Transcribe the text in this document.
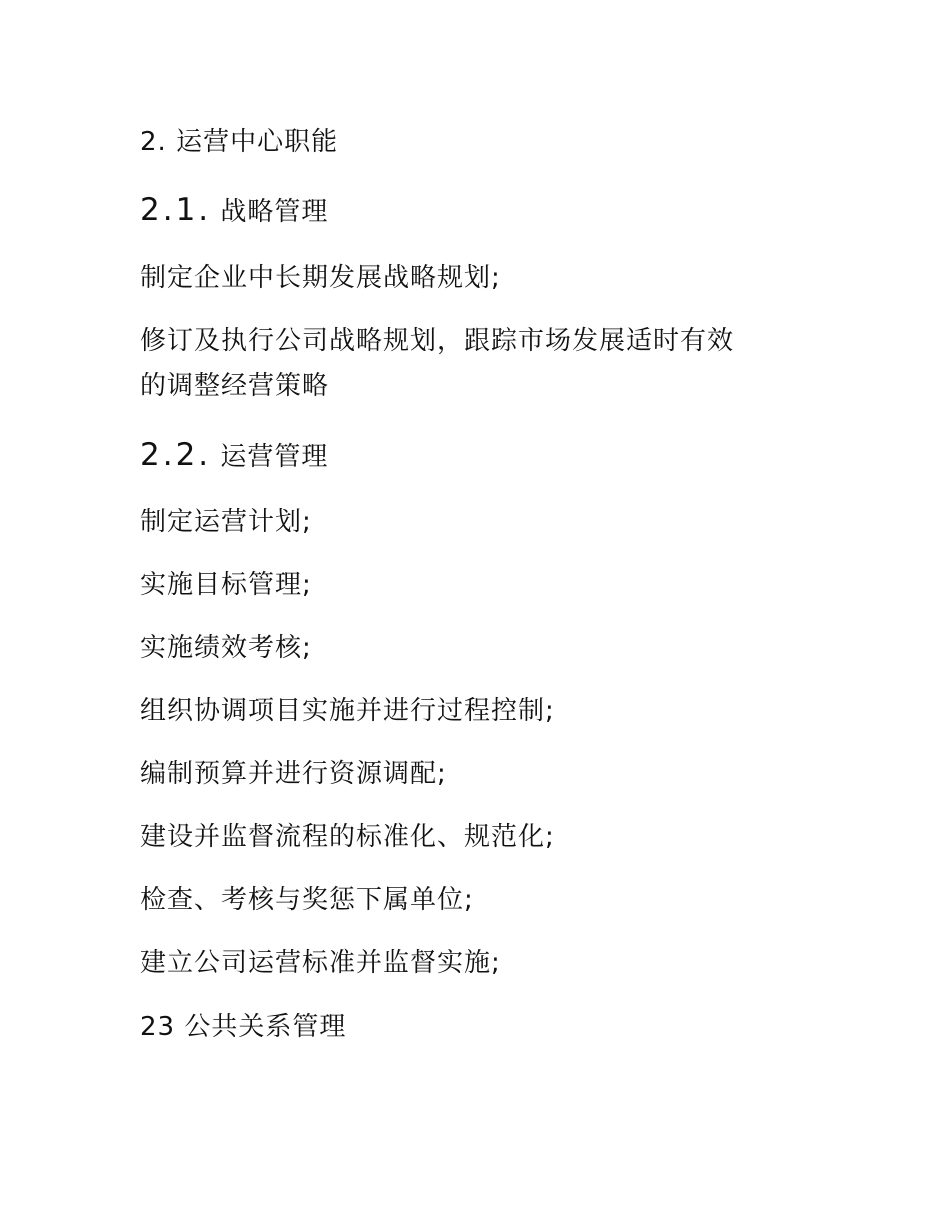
2. 运营中心职能
2.1. 战略管理
制定企业中长期发展战略规划;
修订及执行公司战略规划，跟踪市场发展适时有效
的调整经营策略
2.2. 运营管理
制定运营计划;
实施目标管理;
实施绩效考核;
组织协调项目实施并进行过程控制;
编制预算并进行资源调配;
建设并监督流程的标准化、规范化;
检查、考核与奖惩下属单位;
建立公司运营标准并监督实施;
23 公共关系管理
